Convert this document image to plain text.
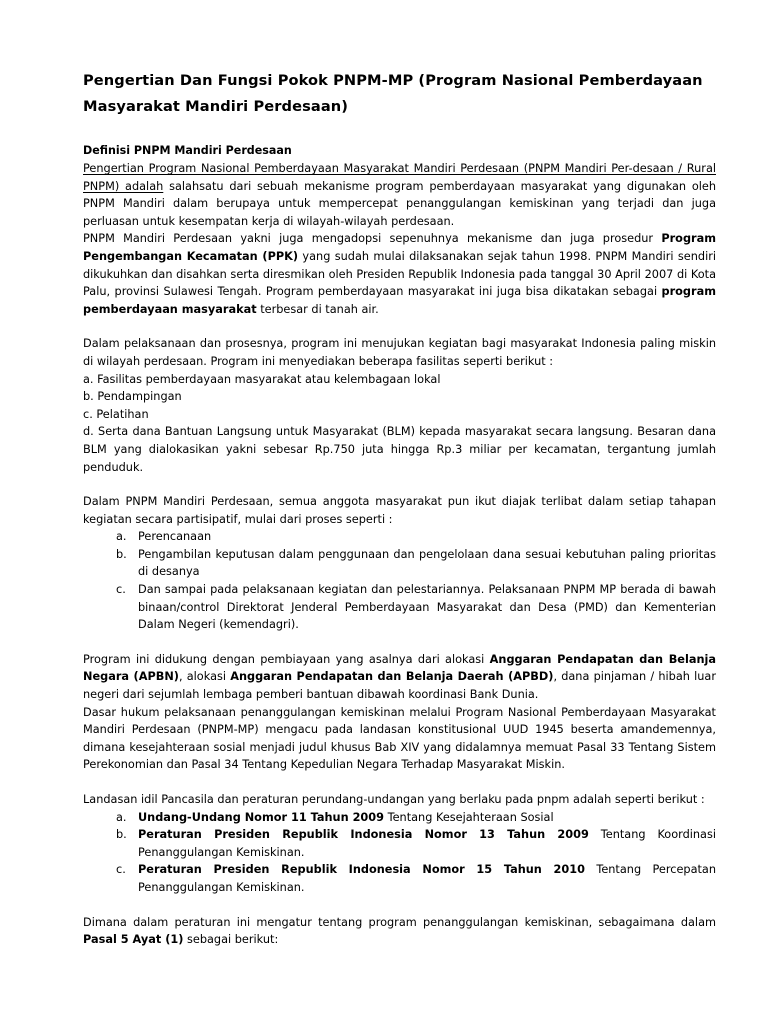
Pengertian Dan Fungsi Pokok PNPM-MP (Program Nasional Pemberdayaan Masyarakat Mandiri Perdesaan)
Definisi PNPM Mandiri Perdesaan

Pengertian Program Nasional Pemberdayaan Masyarakat Mandiri Perdesaan (PNPM Mandiri Per-desaan / Rural PNPM) adalah salahsatu dari sebuah mekanisme program pemberdayaan masyarakat yang digunakan oleh PNPM Mandiri dalam berupaya untuk mempercepat penanggulangan kemiskinan yang terjadi dan juga perluasan untuk kesempatan kerja di wilayah-wilayah perdesaan.

PNPM Mandiri Perdesaan yakni juga mengadopsi sepenuhnya mekanisme dan juga prosedur Program Pengembangan Kecamatan (PPK) yang sudah mulai dilaksanakan sejak tahun 1998. PNPM Mandiri sendiri dikukuhkan dan disahkan serta diresmikan oleh Presiden Republik Indonesia pada tanggal 30 April 2007 di Kota Palu, provinsi Sulawesi Tengah. Program pemberdayaan masyarakat ini juga bisa dikatakan sebagai program pemberdayaan masyarakat terbesar di tanah air.

Dalam pelaksanaan dan prosesnya, program ini menujukan kegiatan bagi masyarakat Indonesia paling miskin di wilayah perdesaan. Program ini menyediakan beberapa fasilitas seperti berikut :

a. Fasilitas pemberdayaan masyarakat atau kelembagaan lokal
b. Pendampingan
c. Pelatihan
d. Serta dana Bantuan Langsung untuk Masyarakat (BLM) kepada masyarakat secara langsung. Besaran dana BLM yang dialokasikan yakni sebesar Rp.750 juta hingga Rp.3 miliar per kecamatan, tergantung jumlah penduduk.

Dalam PNPM Mandiri Perdesaan, semua anggota masyarakat pun ikut diajak terlibat dalam setiap tahapan kegiatan secara partisipatif, mulai dari proses seperti :

a.	Perencanaan
b. Pengambilan keputusan dalam penggunaan dan pengelolaan dana sesuai kebutuhan paling prioritas di desanya
c.	Dan sampai pada pelaksanaan kegiatan dan pelestariannya. Pelaksanaan PNPM MP berada di bawah binaan/control Direktorat Jenderal Pemberdayaan Masyarakat dan Desa (PMD) dan Kementerian Dalam Negeri (kemendagri).

Program ini didukung dengan pembiayaan yang asalnya dari alokasi Anggaran Pendapatan dan Belanja Negara (APBN), alokasi Anggaran Pendapatan dan Belanja Daerah (APBD), dana pinjaman / hibah luar negeri dari sejumlah lembaga pemberi bantuan dibawah koordinasi Bank Dunia.

Dasar hukum pelaksanaan penanggulangan kemiskinan melalui Program Nasional Pemberdayaan Masyarakat Mandiri Perdesaan (PNPM-MP) mengacu pada landasan konstitusional UUD 1945 beserta amandemennya, dimana kesejahteraan sosial menjadi judul khusus Bab XIV yang didalamnya memuat Pasal 33 Tentang Sistem Perekonomian dan Pasal 34 Tentang Kepedulian Negara Terhadap Masyarakat Miskin.

Landasan idil Pancasila dan peraturan perundang-undangan yang berlaku pada pnpm adalah seperti berikut :

a.	Undang-Undang Nomor 11 Tahun 2009 Tentang Kesejahteraan Sosial
b. Peraturan Presiden Republik Indonesia Nomor 13 Tahun 2009 Tentang Koordinasi Penanggulangan Kemiskinan.
c.	Peraturan Presiden Republik Indonesia Nomor 15 Tahun 2010 Tentang Percepatan Penanggulangan Kemiskinan.

Dimana dalam peraturan ini mengatur tentang program penanggulangan kemiskinan, sebagaimana dalam Pasal 5 Ayat (1) sebagai berikut:
